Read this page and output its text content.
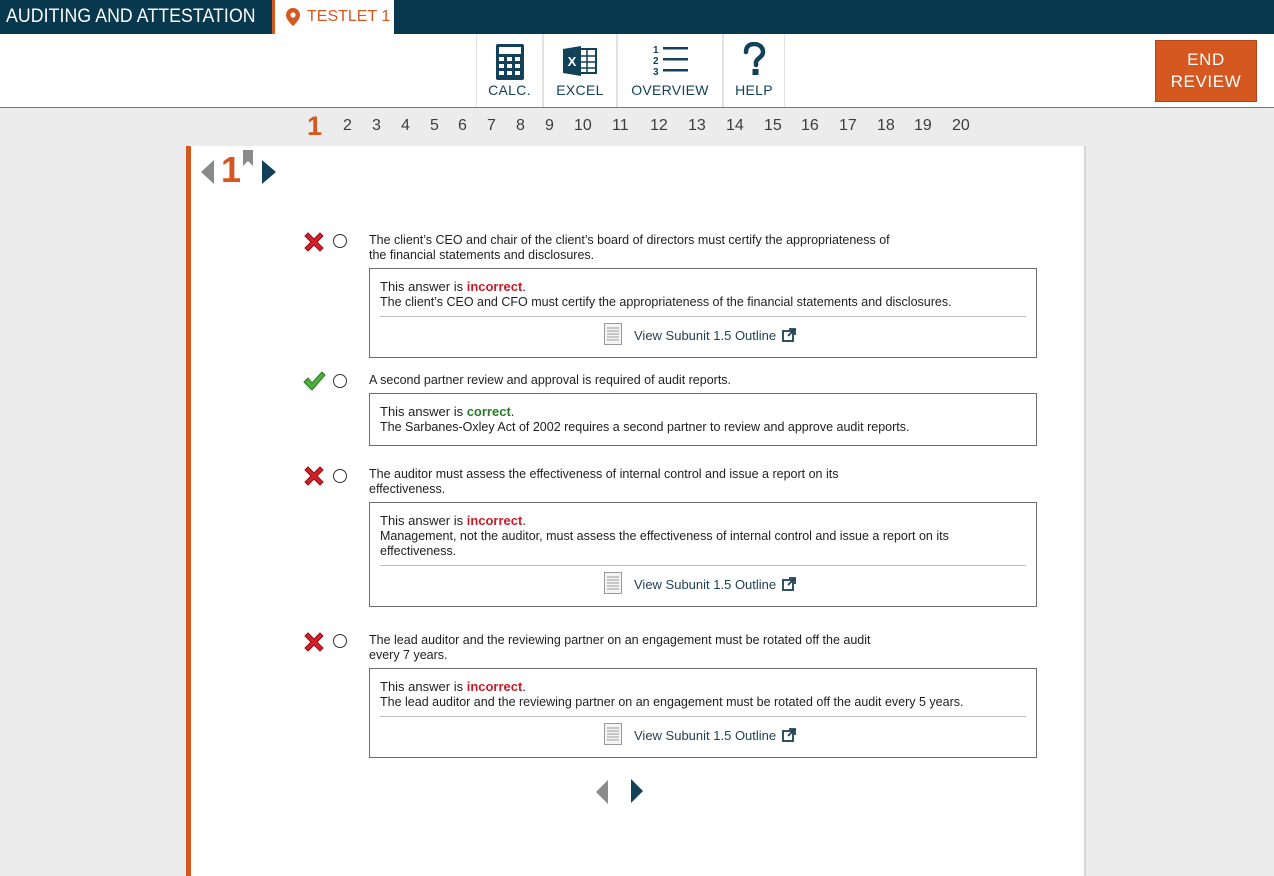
AUDITING AND ATTESTATION	TESTLET 1
CALC.
X
EXCEL
1
2
3
OVERVIEW	HELP
END
REVIEW
1 2 3 4 5 6 7 8 9 10 11 12 13 14 15 16 17 18 19 20
1
The client’s CEO and chair of the client’s board of directors must certify the appropriateness of
the financial statements and disclosures.
This answer is incorrect.
The client’s CEO and CFO must certify the appropriateness of the financial statements and disclosures.
View Subunit 1.5 Outline
A second partner review and approval is required of audit reports.
This answer is correct.
The Sarbanes-Oxley Act of 2002 requires a second partner to review and approve audit reports.
The auditor must assess the effectiveness of internal control and issue a report on its
effectiveness.
This answer is incorrect.
Management, not the auditor, must assess the effectiveness of internal control and issue a report on its effectiveness.
View Subunit 1.5 Outline
The lead auditor and the reviewing partner on an engagement must be rotated off the audit
every 7 years.
This answer is incorrect.
The lead auditor and the reviewing partner on an engagement must be rotated off the audit every 5 years.
View Subunit 1.5 Outline
